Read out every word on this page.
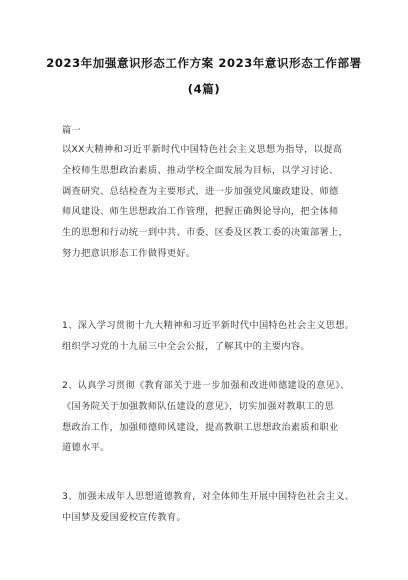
2023年加强意识形态工作方案 2023年意识形态工作部署
(4篇)
篇一
以XX大精神和习近平新时代中国特色社会主义思想为指导，以提高
全校师生思想政治素质、推动学校全面发展为目标，以学习讨论、
调查研究、总结检查为主要形式，进一步加强党风廉政建设、师德
师风建设、师生思想政治工作管理，把握正确舆论导向，把全体师
生的思想和行动统一到中共、市委、区委及区教工委的决策部署上，
努力把意识形态工作做得更好。
1、深入学习贯彻十九大精神和习近平新时代中国特色社会主义思想。
组织学习党的十九届三中全会公报，了解其中的主要内容。
2、认真学习贯彻《教育部关于进一步加强和改进师德建设的意见》、
《国务院关于加强教师队伍建设的意见》，切实加强对教职工的思
想政治工作，加强师德师风建设，提高教职工思想政治素质和职业
道德水平。
3、加强未成年人思想道德教育，对全体师生开展中国特色社会主义、
中国梦及爱国爱校宣传教育。
